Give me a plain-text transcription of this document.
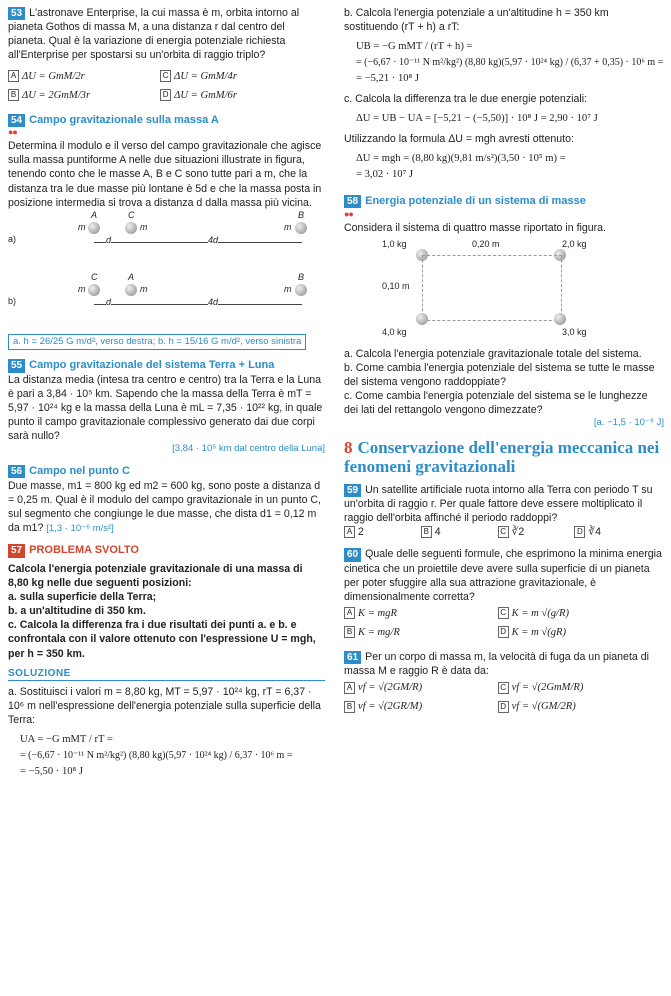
53 L'astronave Enterprise, la cui massa è m, orbita intorno al pianeta Gothos di massa M, a una distanza r dal centro del pianeta. Qual è la variazione di energia potenziale richiesta all'Enterprise per spostarsi su un'orbita di raggio triplo?
A ΔU = GmM/2r	C ΔU = GmM/4r B ΔU = 2GmM/3r	D ΔU = GmM/6r
54 Campo gravitazionale sulla massa A
●●
Determina il modulo e il verso del campo gravitazionale che agisce sulla massa puntiforme A nelle due situazioni illustrate in figura, tenendo conto che le masse A, B e C sono tutte pari a m, che la distanza tra le due masse più lontane è 5d e che la massa posta in posizione intermedia si trova a distanza d dalla massa più vicina.
a)
A	C	B
m	m	m
d	4d
b)
C	A	B
m	m	m
d	4d
a. h = 26/25 G m/d², verso destra; b. h = 15/16 G m/d², verso sinistra
55 Campo gravitazionale del sistema Terra + Luna
La distanza media (intesa tra centro e centro) tra la Terra e la Luna è pari a 3,84 · 10⁵ km. Sapendo che la massa della Terra è mT = 5,97 · 10²⁴ kg e la massa della Luna è mL = 7,35 · 10²² kg, in quale punto il campo gravitazionale complessivo generato dai due corpi sarà nullo?
[3,84 · 10⁵ km dal centro della Luna]
56 Campo nel punto C
Due masse, m1 = 800 kg ed m2 = 600 kg, sono poste a distanza d = 0,25 m. Qual è il modulo del campo gravitazionale in un punto C, sul segmento che congiunge le due masse, che dista d1 = 0,12 m da m1? [1,3 · 10⁻⁶ m/s²]
57 PROBLEMA SVOLTO
Calcola l'energia potenziale gravitazionale di una massa di 8,80 kg nelle due seguenti posizioni:
a. sulla superficie della Terra;
b. a un'altitudine di 350 km.
c. Calcola la differenza fra i due risultati dei punti a. e b. e confrontala con il valore ottenuto con l'espressione U = mgh, per h = 350 km.
SOLUZIONE
a. Sostituisci i valori m = 8,80 kg, MT = 5,97 · 10²⁴ kg, rT = 6,37 · 10⁶ m nell'espressione dell'energia potenziale sulla superficie della Terra:
UA = −G mMT / rT =
= (−6,67 · 10⁻¹¹ N m²/kg²) (8,80 kg)(5,97 · 10²⁴ kg) / 6,37 · 10⁶ m =
= −5,50 · 10⁸ J
b. Calcola l'energia potenziale a un'altitudine h = 350 km sostituendo (rT + h) a rT:
UB = −G mMT / (rT + h) =
= (−6,67 · 10⁻¹¹ N m²/kg²) (8,80 kg)(5,97 · 10²⁴ kg) / (6,37 + 0,35) · 10⁶ m =
= −5,21 · 10⁸ J
c. Calcola la differenza tra le due energie potenziali:
ΔU = UB − UA = [−5,21 − (−5,50)] · 10⁸ J = 2,90 · 10⁷ J
Utilizzando la formula ΔU = mgh avresti ottenuto:
ΔU = mgh = (8,80 kg)(9,81 m/s²)(3,50 · 10⁵ m) =
= 3,02 · 10⁷ J
58 Energia potenziale di un sistema di masse
●●
Considera il sistema di quattro masse riportato in figura.
1,0 kg	0,20 m	2,0 kg
0,10 m
4,0 kg	3,0 kg
a. Calcola l'energia potenziale gravitazionale totale del sistema.
b. Come cambia l'energia potenziale del sistema se tutte le masse del sistema vengono raddoppiate?
c. Come cambia l'energia potenziale del sistema se le lunghezze dei lati del rettangolo vengono dimezzate?
[a. −1,5 · 10⁻⁹ J]
8 Conservazione dell'energia meccanica nei fenomeni gravitazionali
59 Un satellite artificiale ruota intorno alla Terra con periodo T su un'orbita di raggio r. Per quale fattore deve essere moltiplicato il raggio dell'orbita affinché il periodo raddoppi?
A 2	B 4	C ∛2	D ∛4
60 Quale delle seguenti formule, che esprimono la minima energia cinetica che un proiettile deve avere sulla superficie di un pianeta per poter sfuggire alla sua attrazione gravitazionale, è dimensionalmente corretta?
A K = mgR	C K = m √(g/R) B K = mg/R	D K = m √(gR)
61 Per un corpo di massa m, la velocità di fuga da un pianeta di massa M e raggio R è data da:
A vf = √(2GM/R)	C vf = √(2GmM/R) B vf = √(2GR/M)	D vf = √(GM/2R)
